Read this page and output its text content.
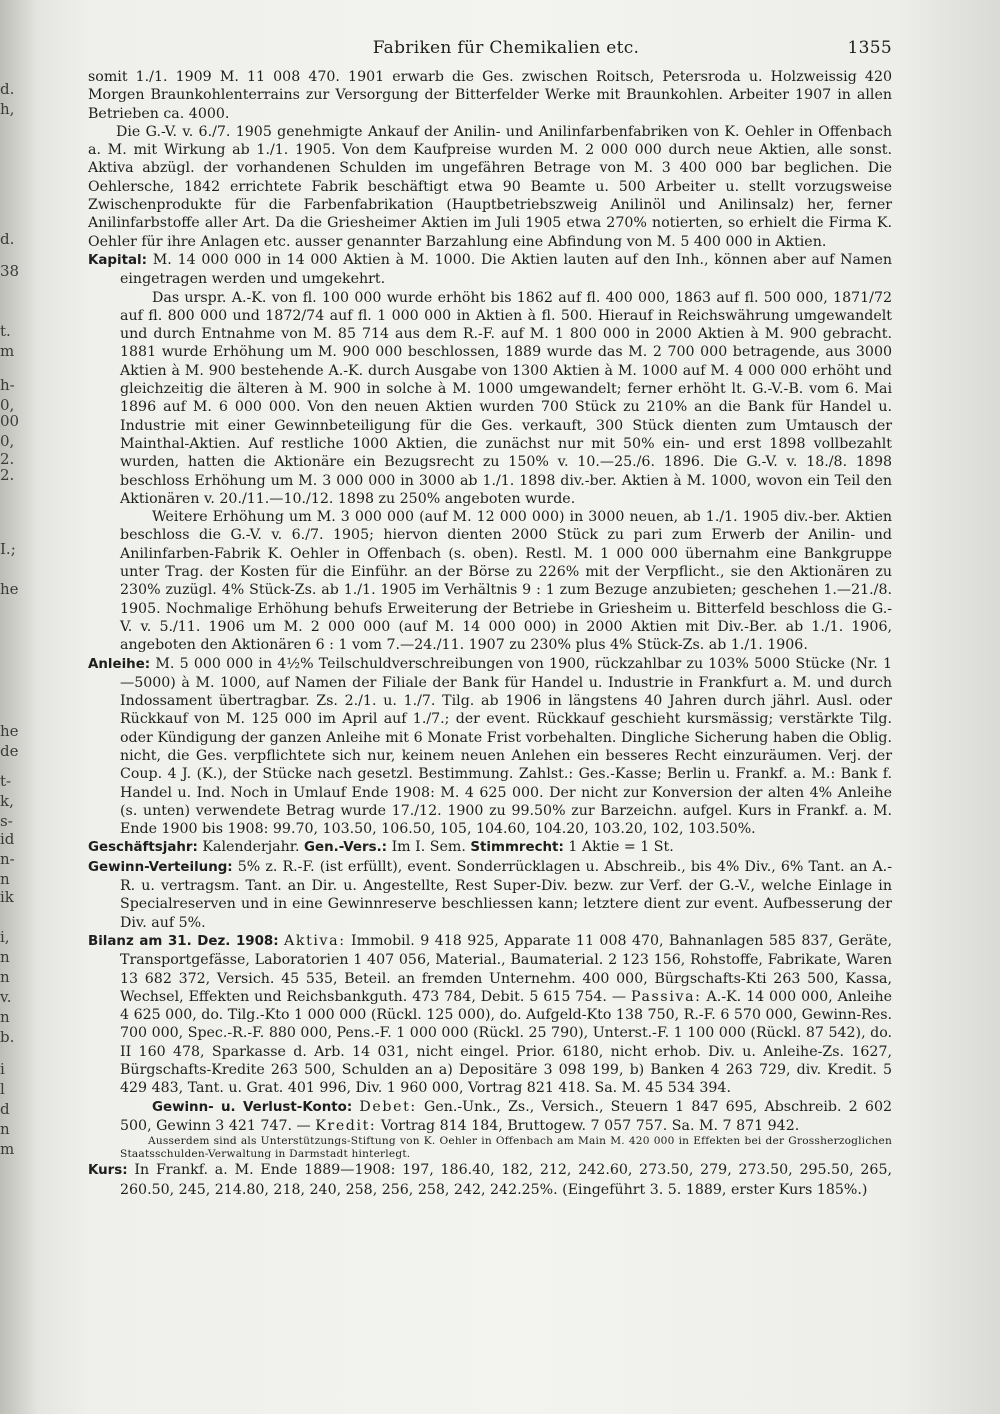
d.
h,
d.
38
t.
m
h-
0,
00
0,
2.
2.
I.;
he
he
de
t-
k,
s-
id
n-
n
ik
i,
n
n
v.
n
b.
i
l
d
n
m
Fabriken für Chemikalien etc.	1355

somit 1./1. 1909 M. 11 008 470. 1901 erwarb die Ges. zwischen Roitsch, Petersroda u. Holzweissig 420 Morgen Braunkohlenterrains zur Versorgung der Bitterfelder Werke mit Braunkohlen. Arbeiter 1907 in allen Betrieben ca. 4000.

Die G.-V. v. 6./7. 1905 genehmigte Ankauf der Anilin- und Anilinfarbenfabriken von K. Oehler in Offenbach a. M. mit Wirkung ab 1./1. 1905. Von dem Kaufpreise wurden M. 2 000 000 durch neue Aktien, alle sonst. Aktiva abzügl. der vorhandenen Schulden im ungefähren Betrage von M. 3 400 000 bar beglichen. Die Oehlersche, 1842 errichtete Fabrik beschäftigt etwa 90 Beamte u. 500 Arbeiter u. stellt vorzugsweise Zwischenprodukte für die Farbenfabrikation (Hauptbetriebszweig Anilinöl und Anilinsalz) her, ferner Anilinfarbstoffe aller Art. Da die Griesheimer Aktien im Juli 1905 etwa 270% notierten, so erhielt die Firma K. Oehler für ihre Anlagen etc. ausser genannter Barzahlung eine Abfindung von M. 5 400 000 in Aktien.

Kapital: M. 14 000 000 in 14 000 Aktien à M. 1000. Die Aktien lauten auf den Inh., können aber auf Namen eingetragen werden und umgekehrt.

Das urspr. A.-K. von fl. 100 000 wurde erhöht bis 1862 auf fl. 400 000, 1863 auf fl. 500 000, 1871/72 auf fl. 800 000 und 1872/74 auf fl. 1 000 000 in Aktien à fl. 500. Hierauf in Reichswährung umgewandelt und durch Entnahme von M. 85 714 aus dem R.-F. auf M. 1 800 000 in 2000 Aktien à M. 900 gebracht. 1881 wurde Erhöhung um M. 900 000 beschlossen, 1889 wurde das M. 2 700 000 betragende, aus 3000 Aktien à M. 900 bestehende A.-K. durch Ausgabe von 1300 Aktien à M. 1000 auf M. 4 000 000 erhöht und gleichzeitig die älteren à M. 900 in solche à M. 1000 umgewandelt; ferner erhöht lt. G.-V.-B. vom 6. Mai 1896 auf M. 6 000 000. Von den neuen Aktien wurden 700 Stück zu 210% an die Bank für Handel u. Industrie mit einer Gewinnbeteiligung für die Ges. verkauft, 300 Stück dienten zum Umtausch der Mainthal-Aktien. Auf restliche 1000 Aktien, die zunächst nur mit 50% ein- und erst 1898 vollbezahlt wurden, hatten die Aktionäre ein Bezugsrecht zu 150% v. 10.—25./6. 1896. Die G.-V. v. 18./8. 1898 beschloss Erhöhung um M. 3 000 000 in 3000 ab 1./1. 1898 div.-ber. Aktien à M. 1000, wovon ein Teil den Aktionären v. 20./11.—10./12. 1898 zu 250% angeboten wurde.

Weitere Erhöhung um M. 3 000 000 (auf M. 12 000 000) in 3000 neuen, ab 1./1. 1905 div.-ber. Aktien beschloss die G.-V. v. 6./7. 1905; hiervon dienten 2000 Stück zu pari zum Erwerb der Anilin- und Anilinfarben-Fabrik K. Oehler in Offenbach (s. oben). Restl. M. 1 000 000 übernahm eine Bankgruppe unter Trag. der Kosten für die Einführ. an der Börse zu 226% mit der Verpflicht., sie den Aktionären zu 230% zuzügl. 4% Stück-Zs. ab 1./1. 1905 im Verhältnis 9 : 1 zum Bezuge anzubieten; geschehen 1.—21./8. 1905. Nochmalige Erhöhung behufs Erweiterung der Betriebe in Griesheim u. Bitterfeld beschloss die G.-V. v. 5./11. 1906 um M. 2 000 000 (auf M. 14 000 000) in 2000 Aktien mit Div.-Ber. ab 1./1. 1906, angeboten den Aktionären 6 : 1 vom 7.—24./11. 1907 zu 230% plus 4% Stück-Zs. ab 1./1. 1906.

Anleihe: M. 5 000 000 in 4½% Teilschuldverschreibungen von 1900, rückzahlbar zu 103% 5000 Stücke (Nr. 1—5000) à M. 1000, auf Namen der Filiale der Bank für Handel u. Industrie in Frankfurt a. M. und durch Indossament übertragbar. Zs. 2./1. u. 1./7. Tilg. ab 1906 in längstens 40 Jahren durch jährl. Ausl. oder Rückkauf von M. 125 000 im April auf 1./7.; der event. Rückkauf geschieht kursmässig; verstärkte Tilg. oder Kündigung der ganzen Anleihe mit 6 Monate Frist vorbehalten. Dingliche Sicherung haben die Oblig. nicht, die Ges. verpflichtete sich nur, keinem neuen Anlehen ein besseres Recht einzuräumen. Verj. der Coup. 4 J. (K.), der Stücke nach gesetzl. Bestimmung. Zahlst.: Ges.-Kasse; Berlin u. Frankf. a. M.: Bank f. Handel u. Ind. Noch in Umlauf Ende 1908: M. 4 625 000. Der nicht zur Konversion der alten 4% Anleihe (s. unten) verwendete Betrag wurde 17./12. 1900 zu 99.50% zur Barzeichn. aufgel. Kurs in Frankf. a. M. Ende 1900 bis 1908: 99.70, 103.50, 106.50, 105, 104.60, 104.20, 103.20, 102, 103.50%.

Geschäftsjahr: Kalenderjahr. Gen.-Vers.: Im I. Sem. Stimmrecht: 1 Aktie = 1 St.

Gewinn-Verteilung: 5% z. R.-F. (ist erfüllt), event. Sonderrücklagen u. Abschreib., bis 4% Div., 6% Tant. an A.-R. u. vertragsm. Tant. an Dir. u. Angestellte, Rest Super-Div. bezw. zur Verf. der G.-V., welche Einlage in Specialreserven und in eine Gewinnreserve beschliessen kann; letztere dient zur event. Aufbesserung der Div. auf 5%.

Bilanz am 31. Dez. 1908: Aktiva: Immobil. 9 418 925, Apparate 11 008 470, Bahnanlagen 585 837, Geräte, Transportgefässe, Laboratorien 1 407 056, Material., Baumaterial. 2 123 156, Rohstoffe, Fabrikate, Waren 13 682 372, Versich. 45 535, Beteil. an fremden Unternehm. 400 000, Bürgschafts-Kti 263 500, Kassa, Wechsel, Effekten und Reichsbankguth. 473 784, Debit. 5 615 754. — Passiva: A.-K. 14 000 000, Anleihe 4 625 000, do. Tilg.-Kto 1 000 000 (Rückl. 125 000), do. Aufgeld-Kto 138 750, R.-F. 6 570 000, Gewinn-Res. 700 000, Spec.-R.-F. 880 000, Pens.-F. 1 000 000 (Rückl. 25 790), Unterst.-F. 1 100 000 (Rückl. 87 542), do. II 160 478, Sparkasse d. Arb. 14 031, nicht eingel. Prior. 6180, nicht erhob. Div. u. Anleihe-Zs. 1627, Bürgschafts-Kredite 263 500, Schulden an a) Depositäre 3 098 199, b) Banken 4 263 729, div. Kredit. 5 429 483, Tant. u. Grat. 401 996, Div. 1 960 000, Vortrag 821 418. Sa. M. 45 534 394.

Gewinn- u. Verlust-Konto: Debet: Gen.-Unk., Zs., Versich., Steuern 1 847 695, Abschreib. 2 602 500, Gewinn 3 421 747. — Kredit: Vortrag 814 184, Bruttogew. 7 057 757. Sa. M. 7 871 942.

Ausserdem sind als Unterstützungs-Stiftung von K. Oehler in Offenbach am Main M. 420 000 in Effekten bei der Grossherzoglichen Staatsschulden-Verwaltung in Darmstadt hinterlegt.

Kurs: In Frankf. a. M. Ende 1889—1908: 197, 186.40, 182, 212, 242.60, 273.50, 279, 273.50, 295.50, 265, 260.50, 245, 214.80, 218, 240, 258, 256, 258, 242, 242.25%. (Eingeführt 3. 5. 1889, erster Kurs 185%.)
